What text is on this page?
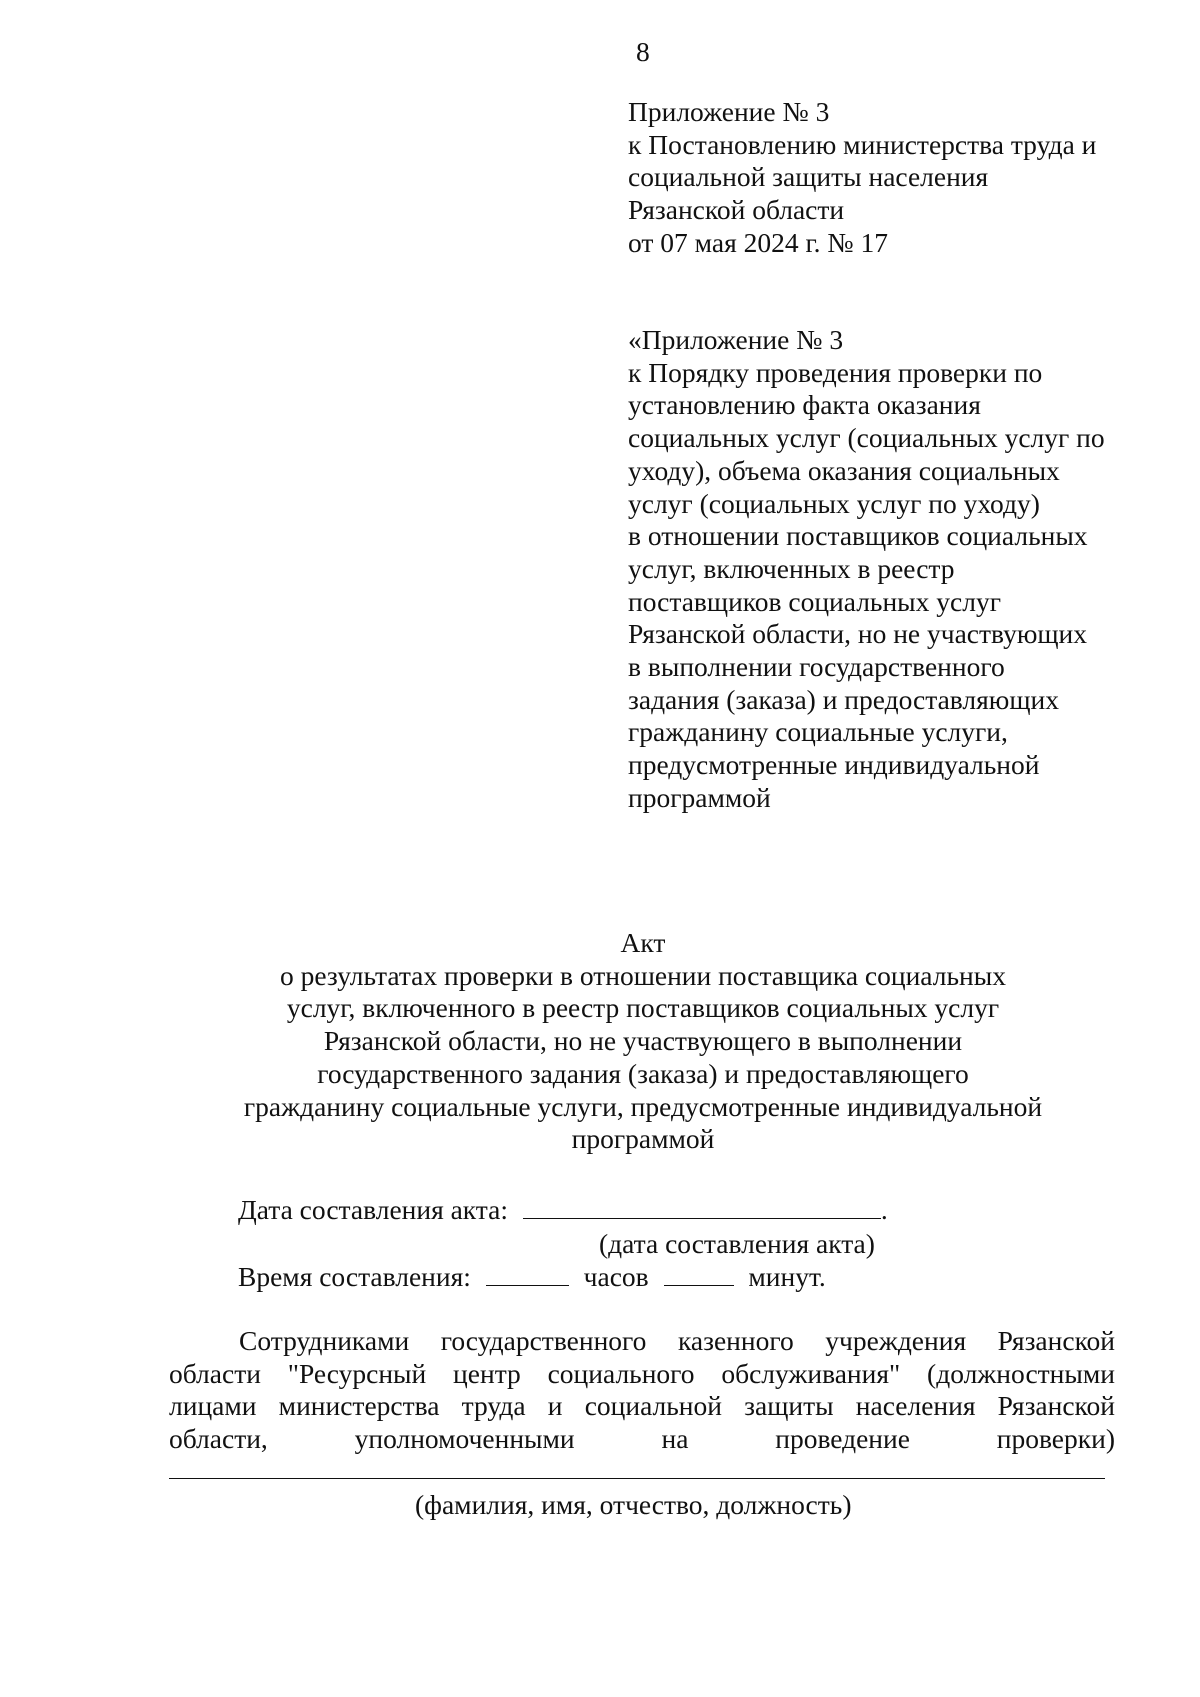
8
Приложение № 3
к Постановлению министерства труда и
социальной защиты населения
Рязанской области
от 07 мая 2024 г. № 17
«Приложение № 3
к Порядку проведения проверки по
установлению факта оказания
социальных услуг (социальных услуг по
уходу), объема оказания социальных
услуг (социальных услуг по уходу)
в отношении поставщиков социальных
услуг, включенных в реестр
поставщиков социальных услуг
Рязанской области, но не участвующих
в выполнении государственного
задания (заказа) и предоставляющих
гражданину социальные услуги,
предусмотренные индивидуальной
программой
Акт
о результатах проверки в отношении поставщика социальных
услуг, включенного в реестр поставщиков социальных услуг
Рязанской области, но не участвующего в выполнении
государственного задания (заказа) и предоставляющего
гражданину социальные услуги, предусмотренные индивидуальной
программой
Дата составления акта:	.
(дата составления акта)
Время составления:	часов	минут.
Сотрудниками государственного казенного учреждения Рязанской
области "Ресурсный центр социального обслуживания" (должностными
лицами министерства труда и социальной защиты населения Рязанской
области, уполномоченными на проведение проверки)
(фамилия, имя, отчество, должность)
